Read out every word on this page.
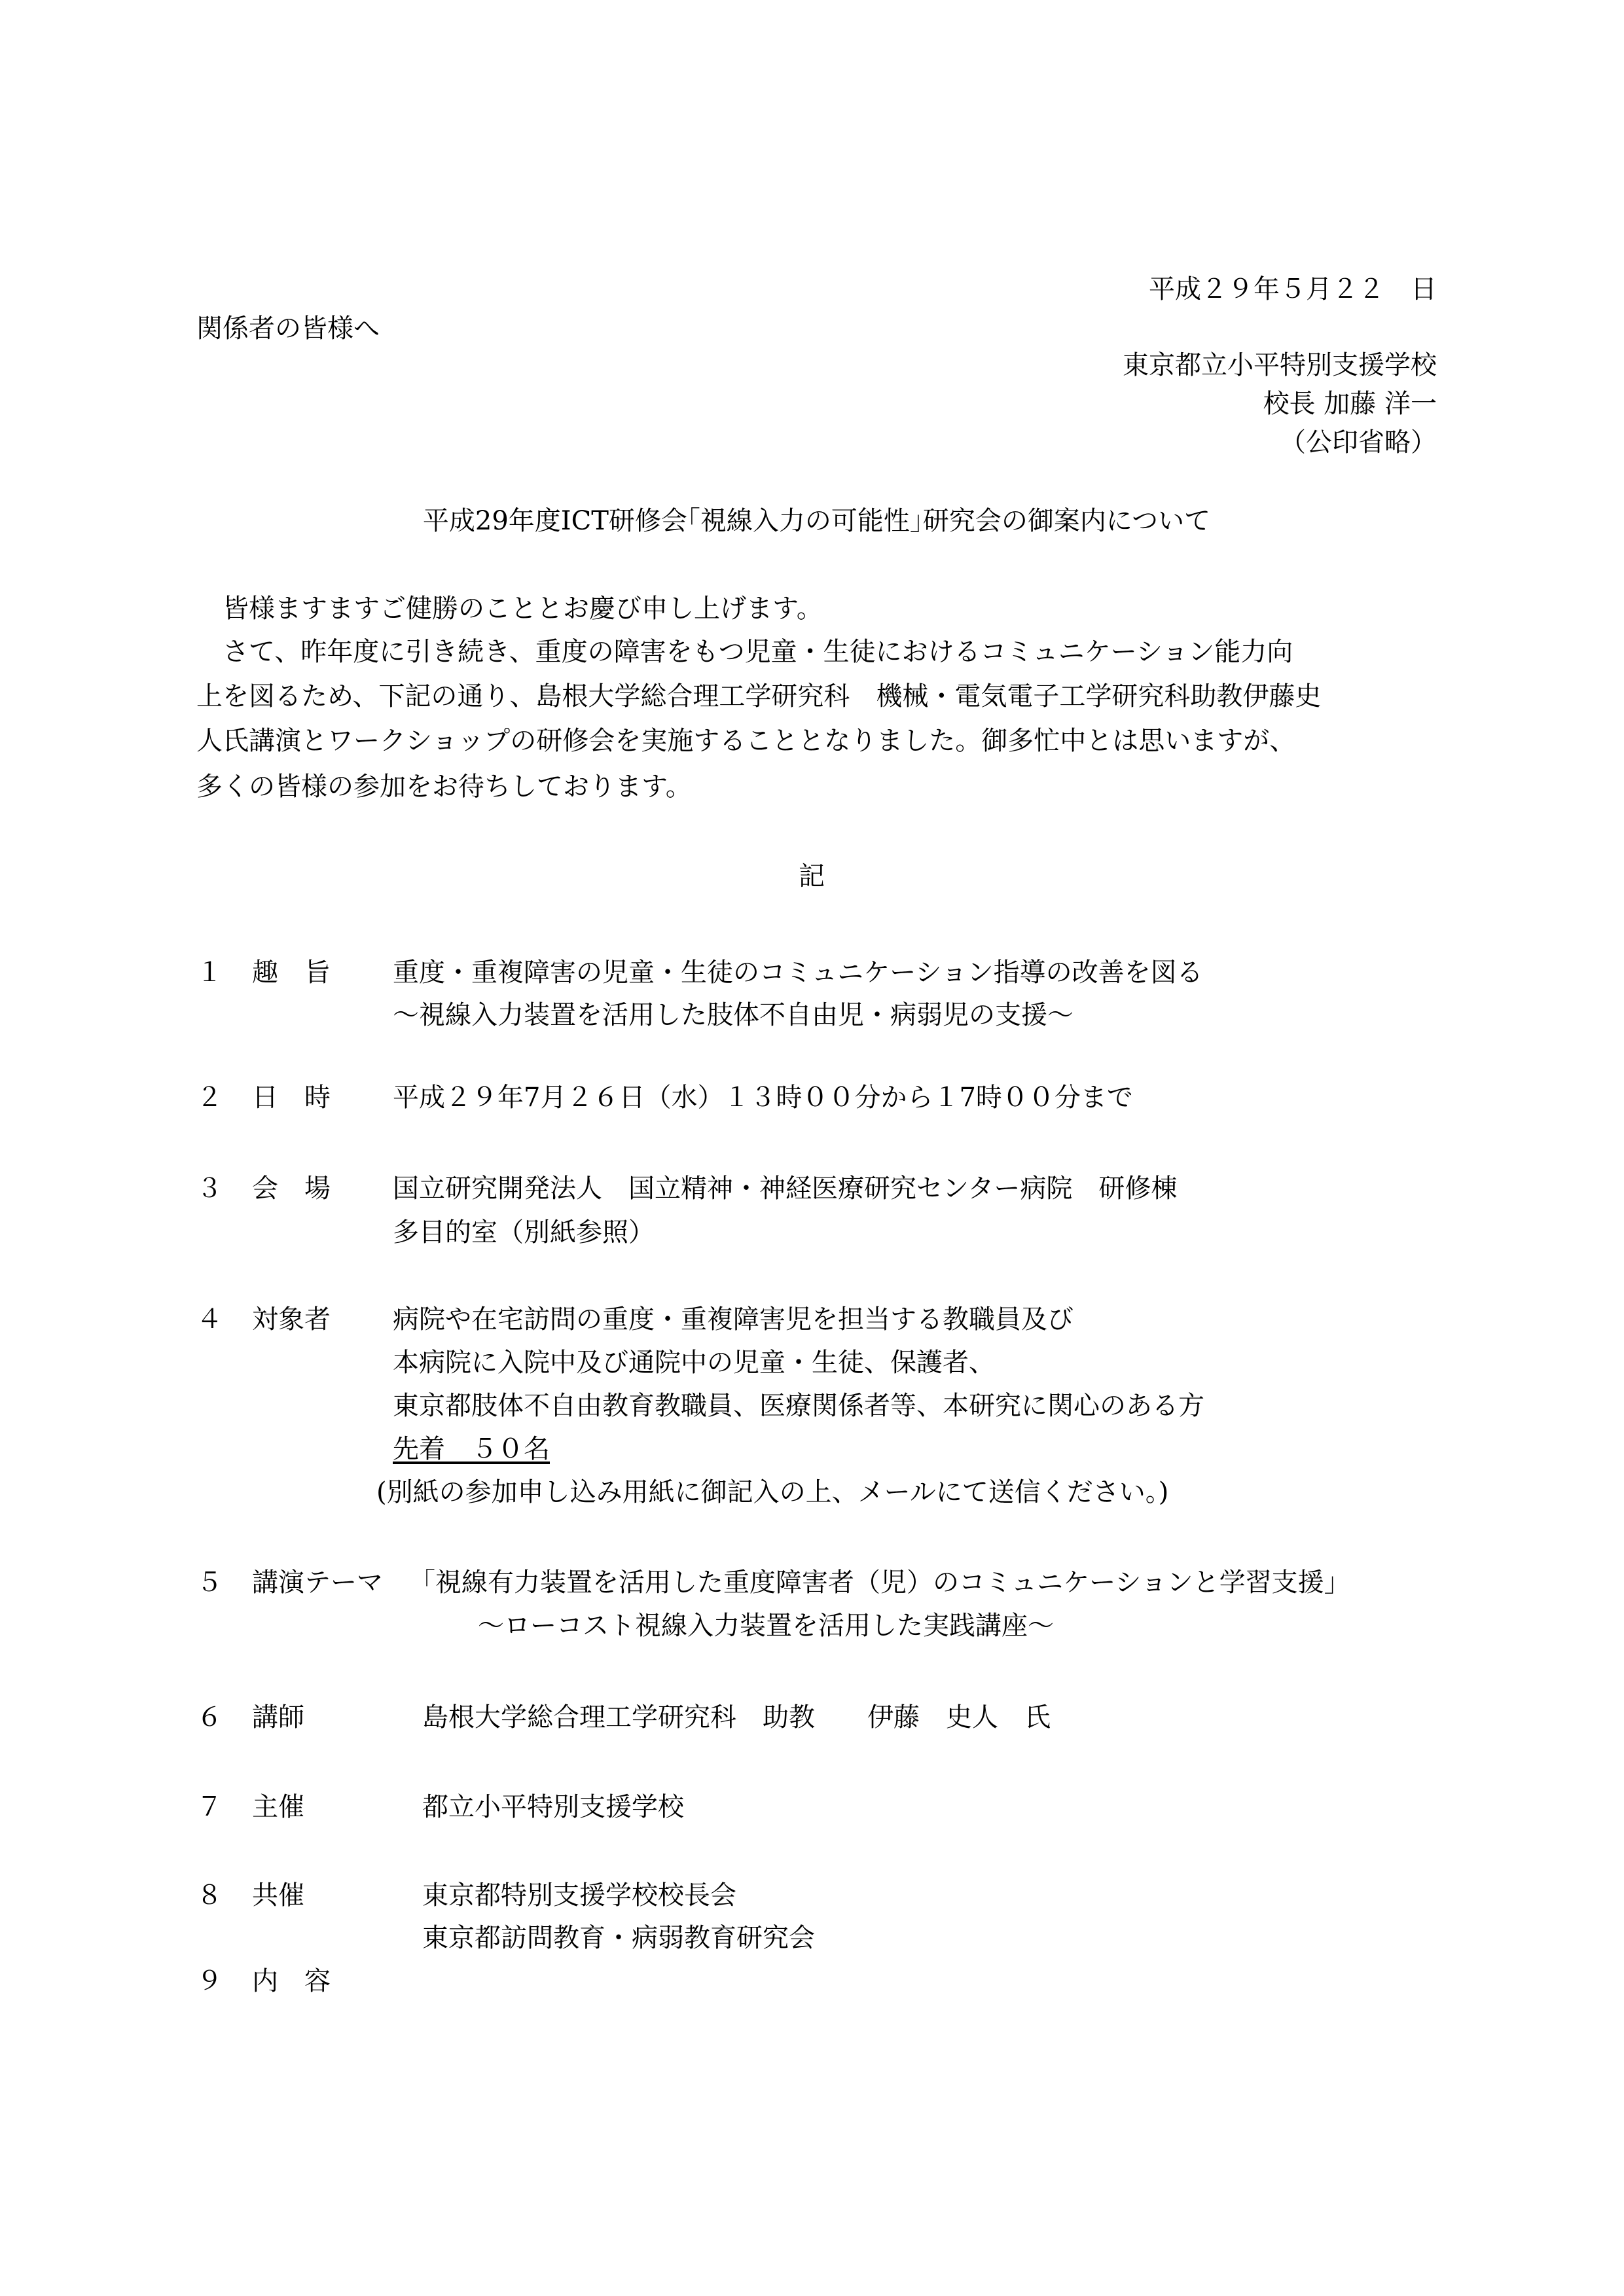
平成２９年５月２２　日
関係者の皆様へ
東京都立小平特別支援学校
校長 加藤 洋一
（公印省略）
平成29年度ICT研修会｢視線入力の可能性｣研究会の御案内について
皆様ますますご健勝のこととお慶び申し上げます。
さて、昨年度に引き続き、重度の障害をもつ児童・生徒におけるコミュニケーション能力向
上を図るため、下記の通り、島根大学総合理工学研究科　機械・電気電子工学研究科助教伊藤史
人氏講演とワークショップの研修会を実施することとなりました。御多忙中とは思いますが、
多くの皆様の参加をお待ちしております。
記
１ 趣　旨 重度・重複障害の児童・生徒のコミュニケーション指導の改善を図る
～視線入力装置を活用した肢体不自由児・病弱児の支援～
２ 日　時 平成２９年7月２６日（水）１３時００分から１7時００分まで
３ 会　場 国立研究開発法人　国立精神・神経医療研究センター病院　研修棟
多目的室（別紙参照）
４ 対象者 病院や在宅訪問の重度・重複障害児を担当する教職員及び
本病院に入院中及び通院中の児童・生徒、保護者、
東京都肢体不自由教育教職員、医療関係者等、本研究に関心のある方
先着　５０名
(別紙の参加申し込み用紙に御記入の上、メールにて送信ください。)
５ 講演テーマ 「視線有力装置を活用した重度障害者（児）のコミュニケーションと学習支援」
～ローコスト視線入力装置を活用した実践講座～
６ 講師	島根大学総合理工学研究科　助教　　伊藤　史人　氏
７ 主催	都立小平特別支援学校
８ 共催	東京都特別支援学校校長会
東京都訪問教育・病弱教育研究会
９ 内　容
